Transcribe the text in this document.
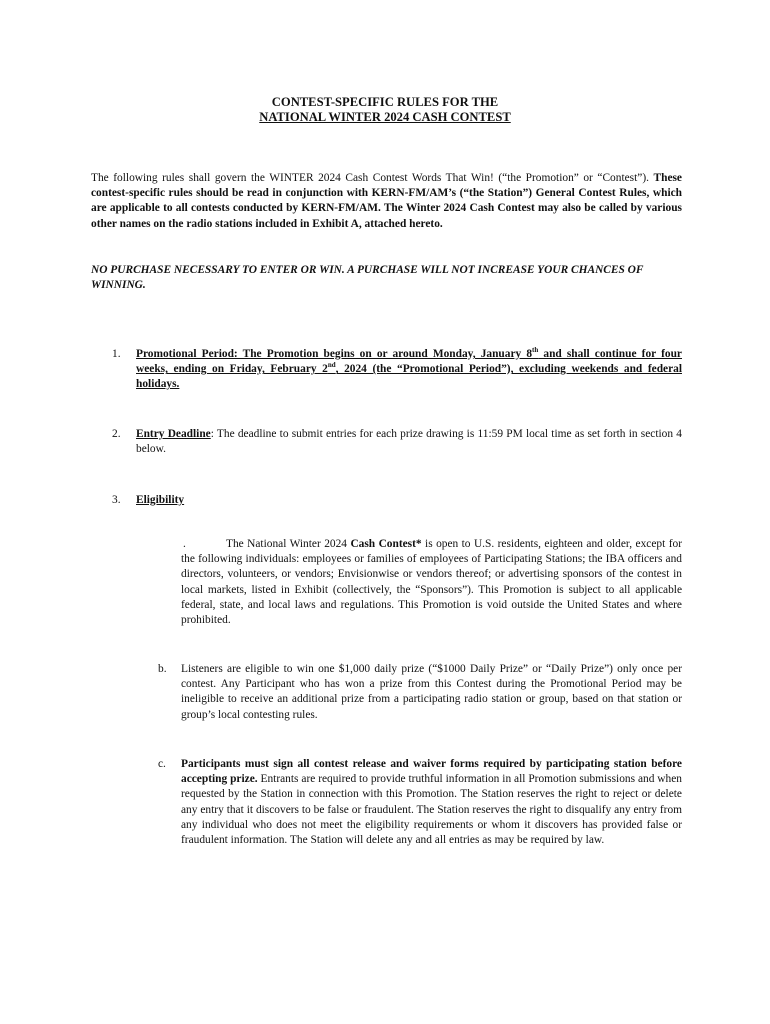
CONTEST-SPECIFIC RULES FOR THE
NATIONAL WINTER 2024 CASH CONTEST
The following rules shall govern the WINTER 2024 Cash Contest Words That Win! (“the Promotion” or “Contest”). These contest-specific rules should be read in conjunction with KERN-FM/AM’s (“the Station”) General Contest Rules, which are applicable to all contests conducted by KERN-FM/AM. The Winter 2024 Cash Contest may also be called by various other names on the radio stations included in Exhibit A, attached hereto.
NO PURCHASE NECESSARY TO ENTER OR WIN. A PURCHASE WILL NOT INCREASE YOUR CHANCES OF WINNING.
1.	Promotional Period: The Promotion begins on or around Monday, January 8th and shall continue for four weeks, ending on Friday, February 2nd, 2024 (the “Promotional Period”), excluding weekends and federal holidays.
2.	Entry Deadline: The deadline to submit entries for each prize drawing is 11:59 PM local time as set forth in section 4 below.
3.	Eligibility
.	The National Winter 2024 Cash Contest* is open to U.S. residents, eighteen and older, except for the following individuals: employees or families of employees of Participating Stations; the IBA officers and directors, volunteers, or vendors; Envisionwise or vendors thereof; or advertising sponsors of the contest in local markets, listed in Exhibit (collectively, the “Sponsors”). This Promotion is subject to all applicable federal, state, and local laws and regulations. This Promotion is void outside the United States and where prohibited.
b.	Listeners are eligible to win one $1,000 daily prize (“$1000 Daily Prize” or “Daily Prize”) only once per contest. Any Participant who has won a prize from this Contest during the Promotional Period may be ineligible to receive an additional prize from a participating radio station or group, based on that station or group’s local contesting rules.
c.	Participants must sign all contest release and waiver forms required by participating station before accepting prize. Entrants are required to provide truthful information in all Promotion submissions and when requested by the Station in connection with this Promotion. The Station reserves the right to reject or delete any entry that it discovers to be false or fraudulent. The Station reserves the right to disqualify any entry from any individual who does not meet the eligibility requirements or whom it discovers has provided false or fraudulent information. The Station will delete any and all entries as may be required by law.
